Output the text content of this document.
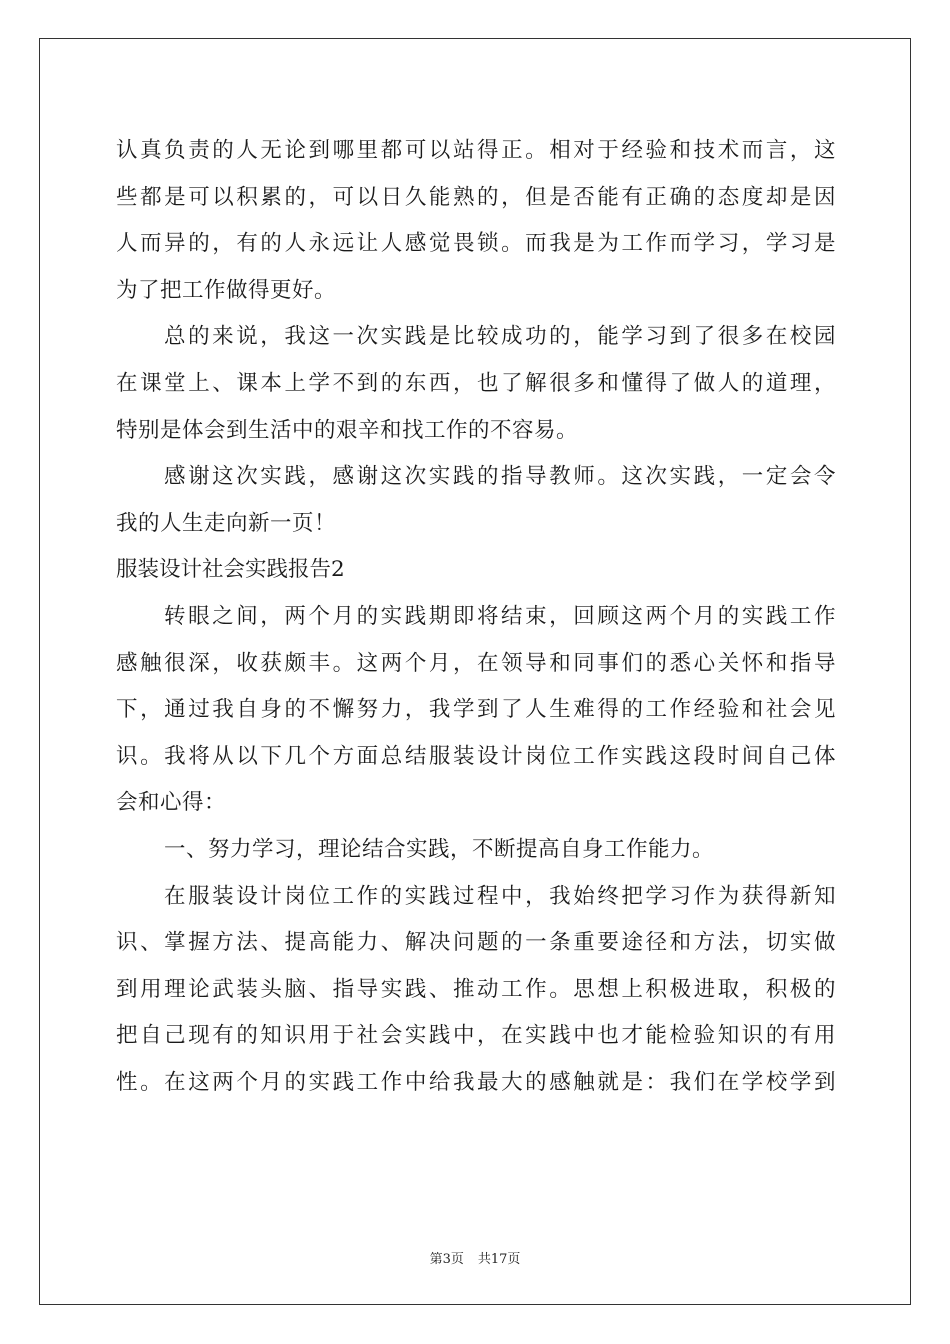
认真负责的人无论到哪里都可以站得正。相对于经验和技术而言，这
些都是可以积累的，可以日久能熟的，但是否能有正确的态度却是因
人而异的，有的人永远让人感觉畏锁。而我是为工作而学习，学习是
为了把工作做得更好。
总的来说，我这一次实践是比较成功的，能学习到了很多在校园
在课堂上、课本上学不到的东西，也了解很多和懂得了做人的道理，
特别是体会到生活中的艰辛和找工作的不容易。
感谢这次实践，感谢这次实践的指导教师。这次实践，一定会令
我的人生走向新一页！
服装设计社会实践报告2
转眼之间，两个月的实践期即将结束，回顾这两个月的实践工作
感触很深，收获颇丰。这两个月，在领导和同事们的悉心关怀和指导
下，通过我自身的不懈努力，我学到了人生难得的工作经验和社会见
识。我将从以下几个方面总结服装设计岗位工作实践这段时间自己体
会和心得：
一、努力学习，理论结合实践，不断提高自身工作能力。
在服装设计岗位工作的实践过程中，我始终把学习作为获得新知
识、掌握方法、提高能力、解决问题的一条重要途径和方法，切实做
到用理论武装头脑、指导实践、推动工作。思想上积极进取，积极的
把自己现有的知识用于社会实践中，在实践中也才能检验知识的有用
性。在这两个月的实践工作中给我最大的感触就是：我们在学校学到
第3页 共17页
